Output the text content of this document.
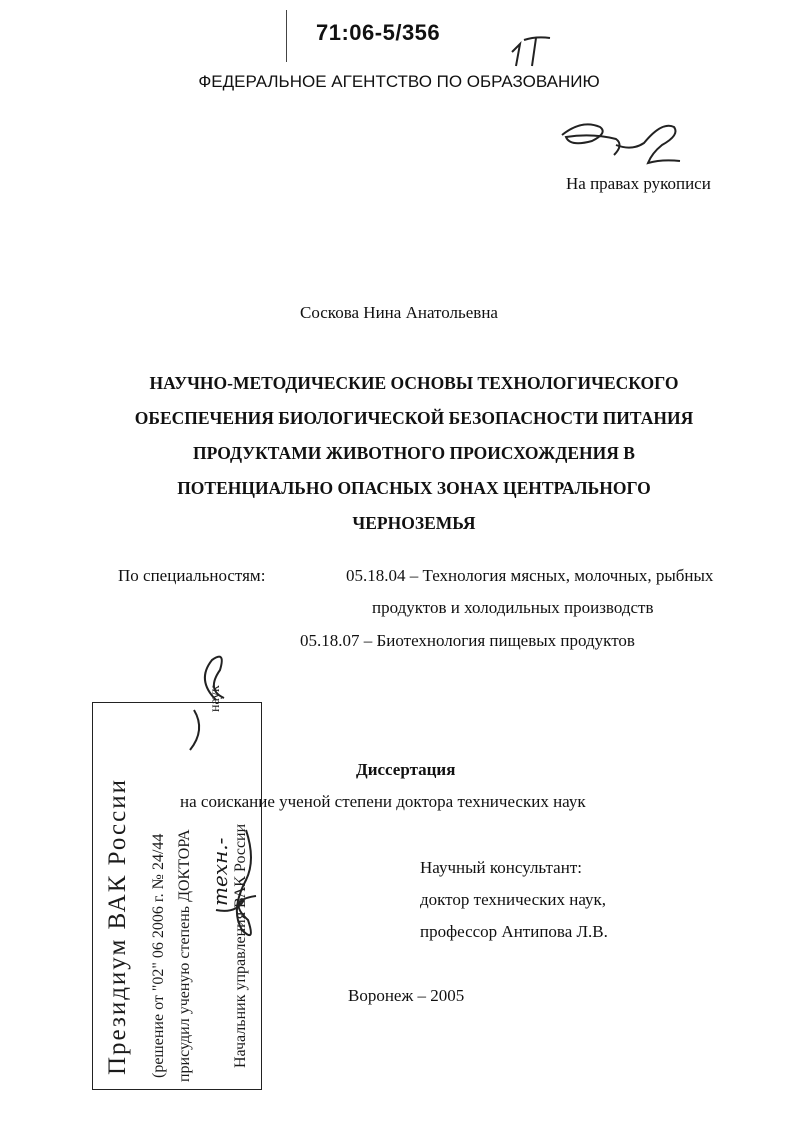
71:06-5/356
ФЕДЕРАЛЬНОЕ АГЕНТСТВО ПО ОБРАЗОВАНИЮ
На правах рукописи
Соскова Нина Анатольевна
НАУЧНО-МЕТОДИЧЕСКИЕ ОСНОВЫ ТЕХНОЛОГИЧЕСКОГО
ОБЕСПЕЧЕНИЯ БИОЛОГИЧЕСКОЙ БЕЗОПАСНОСТИ ПИТАНИЯ
ПРОДУКТАМИ ЖИВОТНОГО ПРОИСХОЖДЕНИЯ В
ПОТЕНЦИАЛЬНО ОПАСНЫХ ЗОНАХ ЦЕНТРАЛЬНОГО
ЧЕРНОЗЕМЬЯ
По специальностям:	05.18.04 – Технология мясных, молочных, рыбных
продуктов и холодильных производств
05.18.07 – Биотехнология пищевых продуктов
Диссертация
на соискание ученой степени доктора технических наук
Научный консультант:
доктор технических наук,
профессор Антипова Л.В.
Воронеж – 2005
Президиум ВАК России (решение от "02" 06 2006 г. № 24/44 присудил ученую степень ДОКТОРА Начальник управления ВАК России
наук
техн.-
